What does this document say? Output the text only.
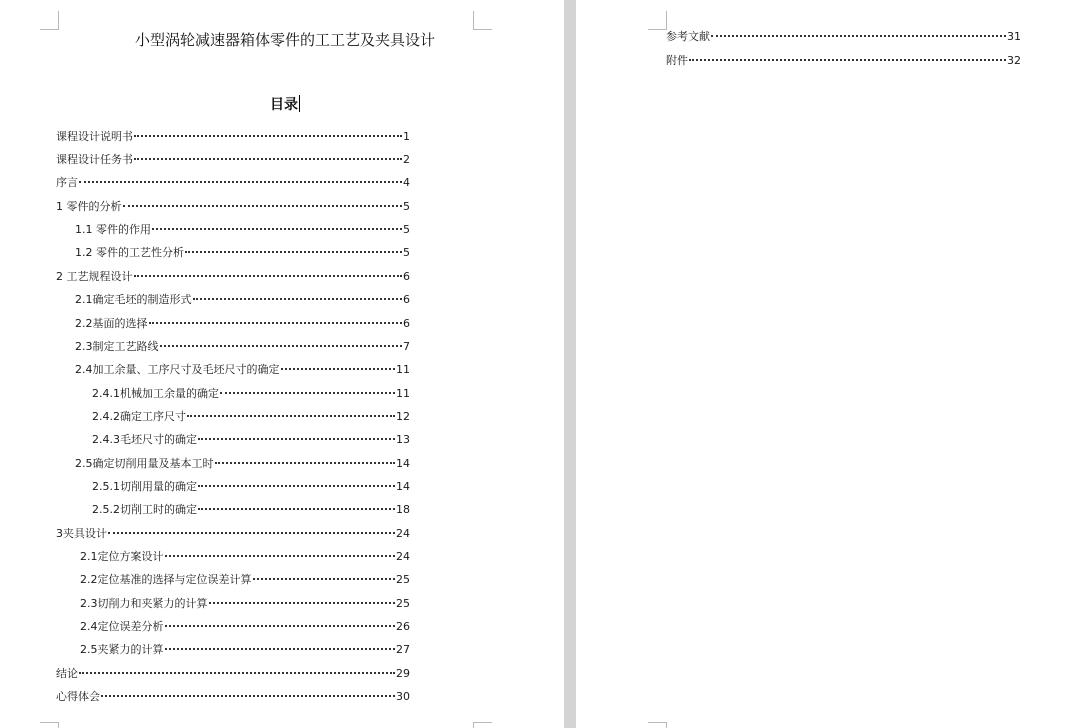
小型涡轮减速器箱体零件的工工艺及夹具设计
目录
课程设计说明书	1
课程设计任务书	2
序言	4
1 零件的分析	5
1.1 零件的作用	5
1.2 零件的工艺性分析	5
2 工艺规程设计	6
2.1确定毛坯的制造形式	6
2.2基面的选择	6
2.3制定工艺路线	7
2.4加工余量、工序尺寸及毛坯尺寸的确定	11
2.4.1机械加工余量的确定	11
2.4.2确定工序尺寸	12
2.4.3毛坯尺寸的确定	13
2.5确定切削用量及基本工时	14
2.5.1切削用量的确定	14
2.5.2切削工时的确定	18
3夹具设计	24
2.1定位方案设计	24
2.2定位基准的选择与定位误差计算	25
2.3切削力和夹紧力的计算	25
2.4定位误差分析	26
2.5夹紧力的计算	27
结论	29
心得体会	30
参考文献	31
附件	32
